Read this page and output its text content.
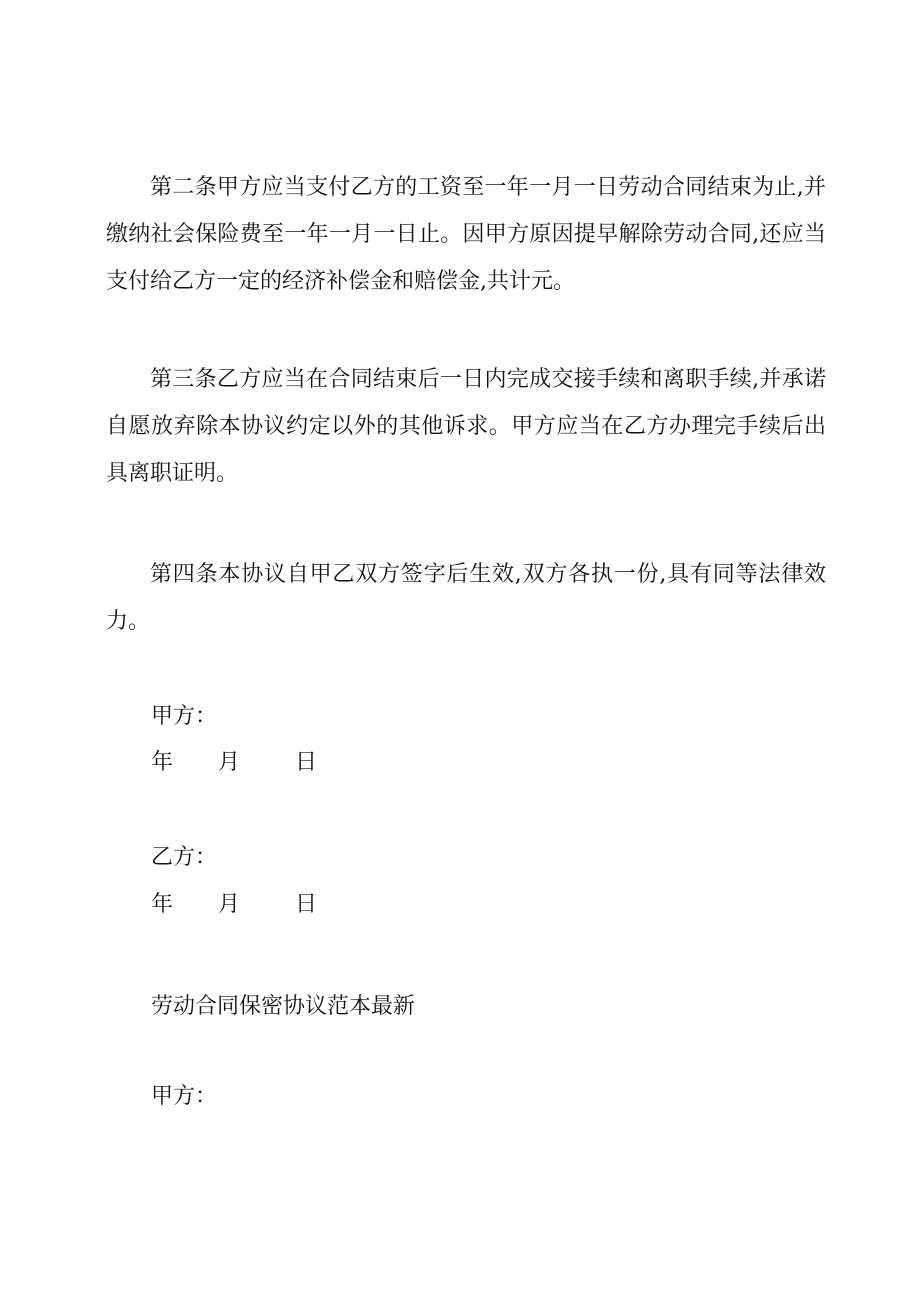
第二条甲方应当支付乙方的工资至一年一月一日劳动合同结束为止,并缴纳社会保险费至一年一月一日止。因甲方原因提早解除劳动合同,还应当支付给乙方一定的经济补偿金和赔偿金,共计元。

第三条乙方应当在合同结束后一日内完成交接手续和离职手续,并承诺自愿放弃除本协议约定以外的其他诉求。甲方应当在乙方办理完手续后出具离职证明。

第四条本协议自甲乙双方签字后生效,双方各执一份,具有同等法律效力。

甲方：

年 月 日

乙方：

年 月 日

劳动合同保密协议范本最新

甲方：
